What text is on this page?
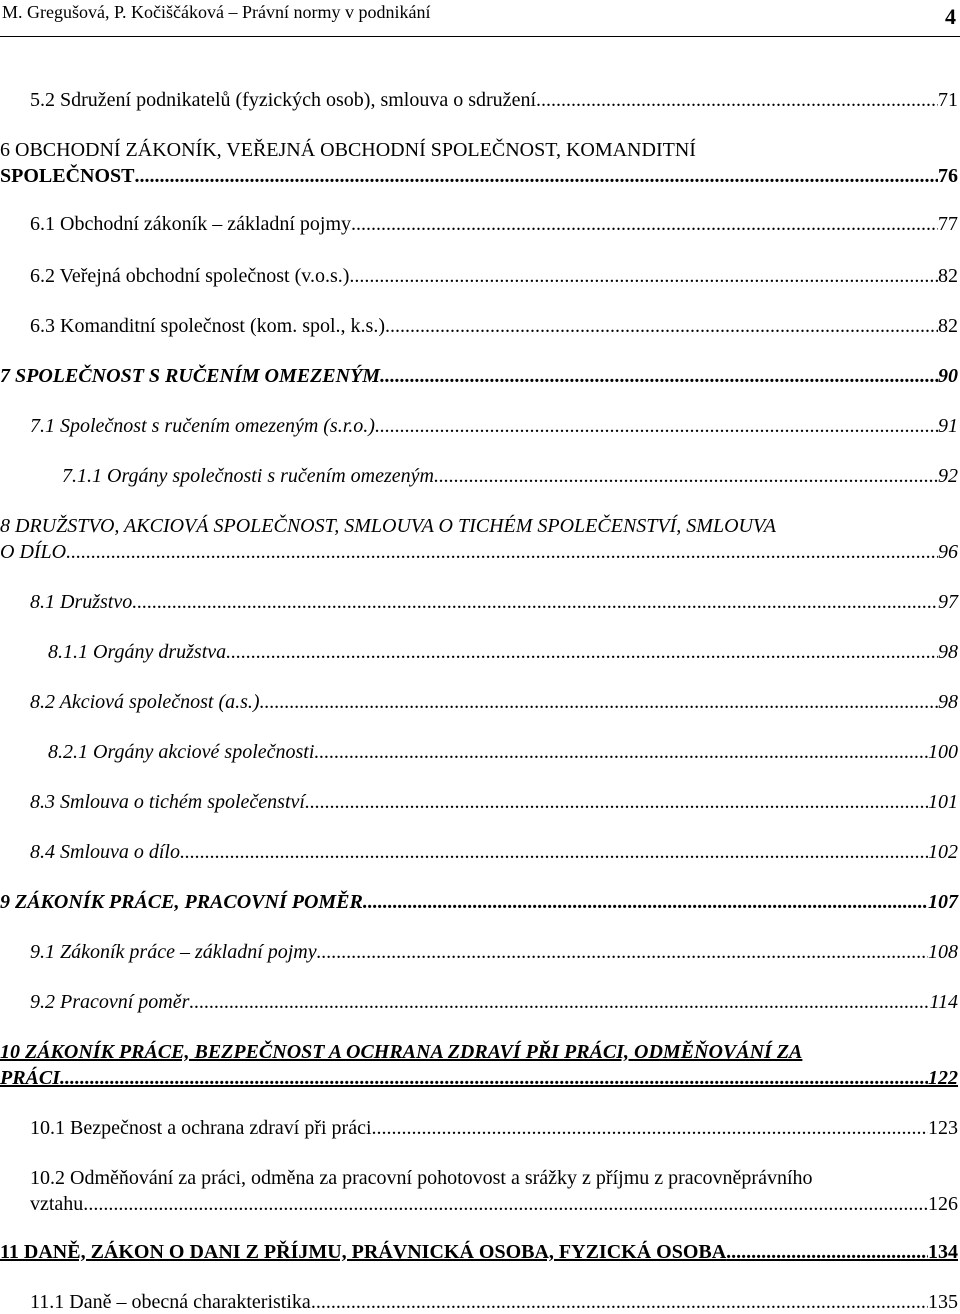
M. Gregušová, P. Kočiščáková – Právní normy v podnikání	4
5.2 Sdružení podnikatelů (fyzických osob), smlouva o sdružení .....	71
6 OBCHODNÍ ZÁKONÍK, VEŘEJNÁ OBCHODNÍ SPOLEČNOST, KOMANDITNÍ
SPOLEČNOST .....	76
6.1 Obchodní zákoník – základní pojmy .....	77
6.2 Veřejná obchodní společnost (v.o.s.) .....	82
6.3 Komanditní společnost (kom. spol., k.s.) .....	82
7 SPOLEČNOST S RUČENÍM OMEZENÝM .....	90
7.1 Společnost s ručením omezeným (s.r.o.) .....	91
7.1.1 Orgány společnosti s ručením omezeným .....	92
8 DRUŽSTVO, AKCIOVÁ SPOLEČNOST, SMLOUVA O TICHÉM SPOLEČENSTVÍ, SMLOUVA
O DÍLO .....	96
8.1 Družstvo .....	97
8.1.1 Orgány družstva .....	98
8.2 Akciová společnost (a.s.) .....	98
8.2.1 Orgány akciové společnosti .....	100
8.3 Smlouva o tichém společenství .....	101
8.4 Smlouva o dílo .....	102
9 ZÁKONÍK PRÁCE, PRACOVNÍ POMĚR .....	107
9.1 Zákoník práce – základní pojmy .....	108
9.2 Pracovní poměr .....	114
10 ZÁKONÍK PRÁCE, BEZPEČNOST A OCHRANA ZDRAVÍ PŘI PRÁCI, ODMĚŇOVÁNÍ ZA
PRÁCI .....	122
10.1 Bezpečnost a ochrana zdraví při práci .....	123
10.2 Odměňování za práci, odměna za pracovní pohotovost a srážky z příjmu z pracovněprávního
vztahu. .....	126
11 DANĚ, ZÁKON O DANI Z PŘÍJMU, PRÁVNICKÁ OSOBA, FYZICKÁ OSOBA .....	134
11.1 Daně – obecná charakteristika .....	135
